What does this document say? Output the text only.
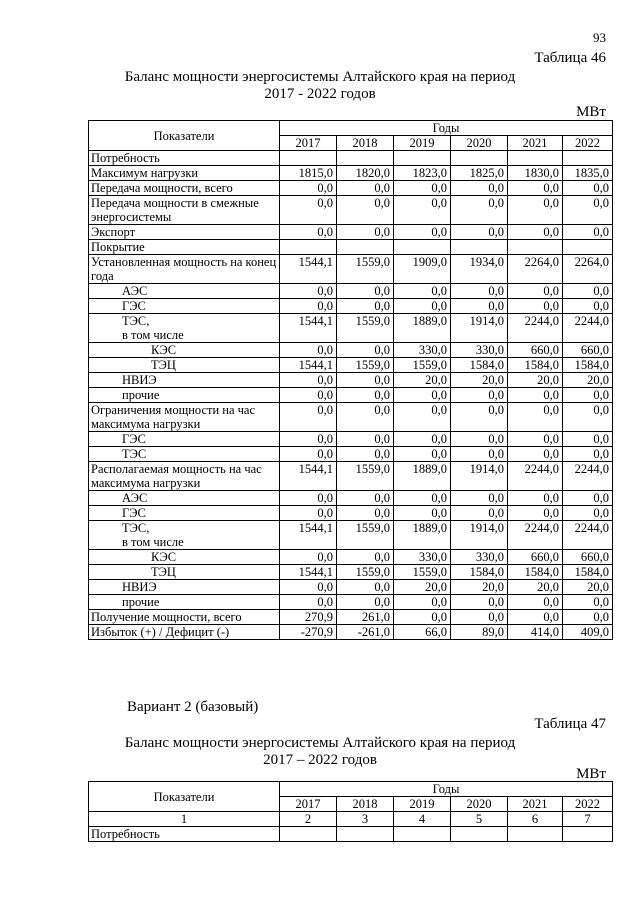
93
Таблица 46
Баланс мощности энергосистемы Алтайского края на период
2017 - 2022 годов
МВт
Показатели	Годы					
	2017	2018	2019	2020	2021	2022
Потребность						
Максимум нагрузки	1815,0	1820,0	1823,0	1825,0	1830,0	1835,0
Передача мощности, всего	0,0	0,0	0,0	0,0	0,0	0,0
Передача мощности в смежные энергосистемы	0,0	0,0	0,0	0,0	0,0	0,0
Экспорт	0,0	0,0	0,0	0,0	0,0	0,0
Покрытие						
Установленная мощность на конец года	1544,1	1559,0	1909,0	1934,0	2264,0	2264,0
АЭС	0,0	0,0	0,0	0,0	0,0	0,0
ГЭС	0,0	0,0	0,0	0,0	0,0	0,0
ТЭС,
в том числе	1544,1	1559,0	1889,0	1914,0	2244,0	2244,0
КЭС	0,0	0,0	330,0	330,0	660,0	660,0
ТЭЦ	1544,1	1559,0	1559,0	1584,0	1584,0	1584,0
НВИЭ	0,0	0,0	20,0	20,0	20,0	20,0
прочие	0,0	0,0	0,0	0,0	0,0	0,0
Ограничения мощности на час максимума нагрузки	0,0	0,0	0,0	0,0	0,0	0,0
ГЭС	0,0	0,0	0,0	0,0	0,0	0,0
ТЭС	0,0	0,0	0,0	0,0	0,0	0,0
Располагаемая мощность на час максимума нагрузки	1544,1	1559,0	1889,0	1914,0	2244,0	2244,0
АЭС	0,0	0,0	0,0	0,0	0,0	0,0
ГЭС	0,0	0,0	0,0	0,0	0,0	0,0
ТЭС,
в том числе	1544,1	1559,0	1889,0	1914,0	2244,0	2244,0
КЭС	0,0	0,0	330,0	330,0	660,0	660,0
ТЭЦ	1544,1	1559,0	1559,0	1584,0	1584,0	1584,0
НВИЭ	0,0	0,0	20,0	20,0	20,0	20,0
прочие	0,0	0,0	0,0	0,0	0,0	0,0
Получение мощности, всего	270,9	261,0	0,0	0,0	0,0	0,0
Избыток (+) / Дефицит (-)	-270,9	-261,0	66,0	89,0	414,0	409,0
Вариант 2 (базовый)
Таблица 47
Баланс мощности энергосистемы Алтайского края на период
2017 – 2022 годов
МВт
Показатели	Годы					
	2017	2018	2019	2020	2021	2022
1	2	3	4	5	6	7
Потребность						
